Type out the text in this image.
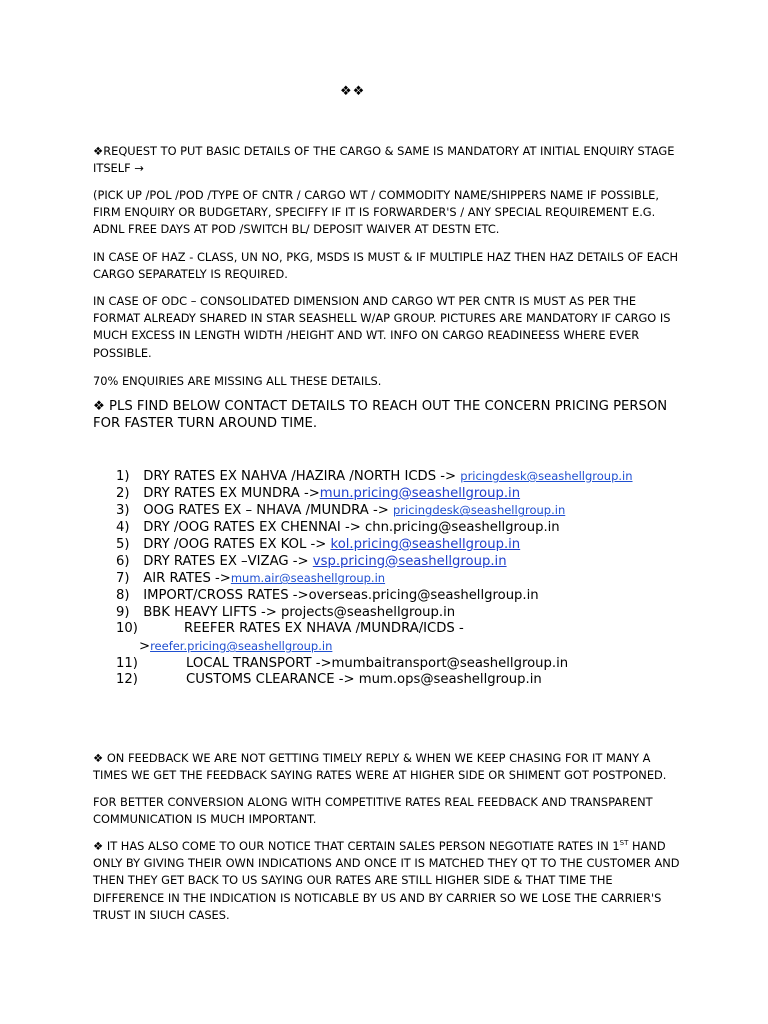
❖❖
❖REQUEST TO PUT BASIC DETAILS OF THE CARGO & SAME IS MANDATORY AT INITIAL ENQUIRY STAGE ITSELF →
(PICK UP /POL /POD /TYPE OF CNTR / CARGO WT / COMMODITY NAME/SHIPPERS NAME IF POSSIBLE, FIRM ENQUIRY OR BUDGETARY, SPECIFFY IF IT IS FORWARDER'S / ANY SPECIAL REQUIREMENT E.G. ADNL FREE DAYS AT POD /SWITCH BL/ DEPOSIT WAIVER AT DESTN ETC.
IN CASE OF HAZ - CLASS, UN NO, PKG, MSDS IS MUST & IF MULTIPLE HAZ THEN HAZ DETAILS OF EACH CARGO SEPARATELY IS REQUIRED.
IN CASE OF ODC – CONSOLIDATED DIMENSION AND CARGO WT PER CNTR IS MUST AS PER THE FORMAT ALREADY SHARED IN STAR SEASHELL W/AP GROUP. PICTURES ARE MANDATORY IF CARGO IS MUCH EXCESS IN LENGTH WIDTH /HEIGHT AND WT. INFO ON CARGO READINEESS WHERE EVER POSSIBLE.
70% ENQUIRIES ARE MISSING ALL THESE DETAILS.
❖ PLS FIND BELOW CONTACT DETAILS TO REACH OUT THE CONCERN PRICING PERSON FOR FASTER TURN AROUND TIME.
1) DRY RATES EX NAHVA /HAZIRA /NORTH ICDS -> pricingdesk@seashellgroup.in
2) DRY RATES EX MUNDRA ->mun.pricing@seashellgroup.in
3) OOG RATES EX – NHAVA /MUNDRA -> pricingdesk@seashellgroup.in
4) DRY /OOG RATES EX CHENNAI -> chn.pricing@seashellgroup.in
5) DRY /OOG RATES EX KOL -> kol.pricing@seashellgroup.in
6) DRY RATES EX –VIZAG -> vsp.pricing@seashellgroup.in
7) AIR RATES ->mum.air@seashellgroup.in
8) IMPORT/CROSS RATES ->overseas.pricing@seashellgroup.in
9) BBK HEAVY LIFTS -> projects@seashellgroup.in
10)	REEFER RATES EX NHAVA /MUNDRA/ICDS -
>reefer.pricing@seashellgroup.in
11)	LOCAL TRANSPORT ->mumbaitransport@seashellgroup.in
12)	CUSTOMS CLEARANCE -> mum.ops@seashellgroup.in
❖ ON FEEDBACK WE ARE NOT GETTING TIMELY REPLY & WHEN WE KEEP CHASING FOR IT MANY A TIMES WE GET THE FEEDBACK SAYING RATES WERE AT HIGHER SIDE OR SHIMENT GOT POSTPONED.
FOR BETTER CONVERSION ALONG WITH COMPETITIVE RATES REAL FEEDBACK AND TRANSPARENT COMMUNICATION IS MUCH IMPORTANT.
❖ IT HAS ALSO COME TO OUR NOTICE THAT CERTAIN SALES PERSON NEGOTIATE RATES IN 1ST HAND ONLY BY GIVING THEIR OWN INDICATIONS AND ONCE IT IS MATCHED THEY QT TO THE CUSTOMER AND THEN THEY GET BACK TO US SAYING OUR RATES ARE STILL HIGHER SIDE & THAT TIME THE DIFFERENCE IN THE INDICATION IS NOTICABLE BY US AND BY CARRIER SO WE LOSE THE CARRIER'S TRUST IN SIUCH CASES.
